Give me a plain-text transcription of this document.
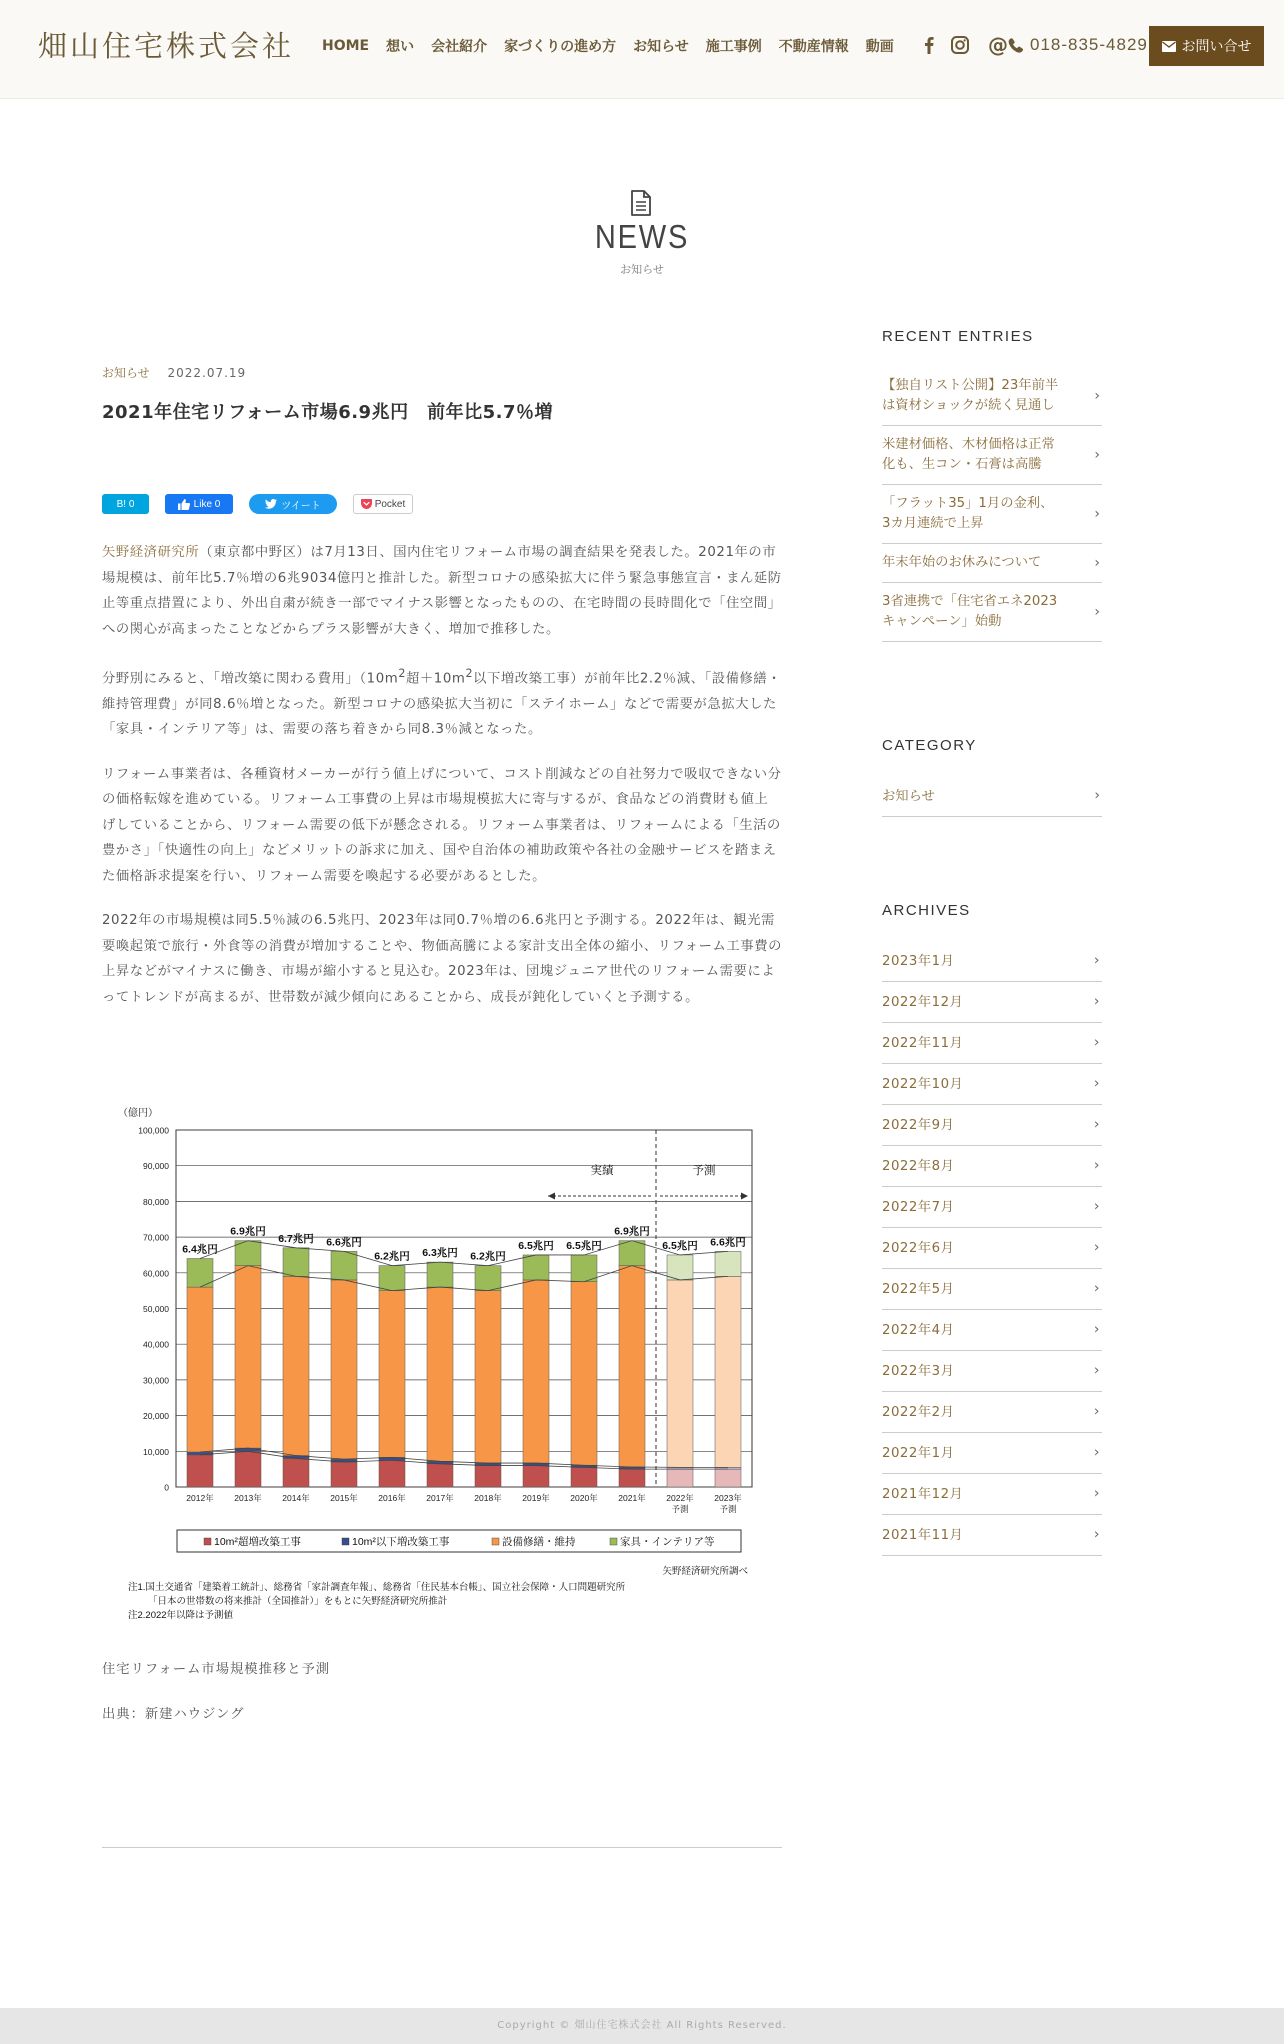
畑山住宅株式会社 HOME 想い 会社紹介 家づくりの進め方 お知らせ 施工事例 不動産情報 動画	@ 018-835-4829 お問い合せ
NEWS
お知らせ
お知らせ 2022.07.19
2021年住宅リフォーム市場6.9兆円　前年比5.7％増
B! 0	Like 0	ツイート	Pocket

矢野経済研究所（東京都中野区）は7月13日、国内住宅リフォーム市場の調査結果を発表した。2021年の市場規模は、前年比5.7％増の6兆9034億円と推計した。新型コロナの感染拡大に伴う緊急事態宣言・まん延防止等重点措置により、外出自粛が続き一部でマイナス影響となったものの、在宅時間の長時間化で「住空間」への関心が高まったことなどからプラス影響が大きく、増加で推移した。

分野別にみると、「増改築に関わる費用」（$10m^2$超$+10m^2$以下増改築工事）が前年比2.2％減、「設備修繕・維持管理費」が同8.6％増となった。新型コロナの感染拡大当初に「ステイホーム」などで需要が急拡大した「家具・インテリア等」は、需要の落ち着きから同8.3％減となった。

リフォーム事業者は、各種資材メーカーが行う値上げについて、コスト削減などの自社努力で吸収できない分の価格転嫁を進めている。リフォーム工事費の上昇は市場規模拡大に寄与するが、食品などの消費財も値上げしていることから、リフォーム需要の低下が懸念される。リフォーム事業者は、リフォームによる「生活の豊かさ」「快適性の向上」などメリットの訴求に加え、国や自治体の補助政策や各社の金融サービスを踏まえた価格訴求提案を行い、リフォーム需要を喚起する必要があるとした。

2022年の市場規模は同5.5％減の6.5兆円、2023年は同0.7％増の6.6兆円と予測する。2022年は、観光需要喚起策で旅行・外食等の消費が増加することや、物価高騰による家計支出全体の縮小、リフォーム工事費の上昇などがマイナスに働き、市場が縮小すると見込む。2023年は、団塊ジュニア世代のリフォーム需要によってトレンドが高まるが、世帯数が減少傾向にあることから、成長が鈍化していくと予測する。

（億円）
0
10,000
20,000
30,000
40,000
50,000
60,000
70,000
80,000
90,000
100,000
6.4兆円
2012年
6.9兆円
2013年
6.7兆円
2014年
6.6兆円
2015年
6.2兆円
2016年
6.3兆円
2017年
6.2兆円
2018年
6.5兆円
2019年
6.5兆円
2020年
6.9兆円
2021年
6.5兆円
2022年
予測
6.6兆円
2023年
予測
実績	予測
10m²超増改築工事	10m²以下増改築工事	設備修繕・維持	家具・インテリア等
矢野経済研究所調べ
注1.国土交通省「建築着工統計」、総務省「家計調査年報」、総務省「住民基本台帳」、国立社会保障・人口問題研究所
「日本の世帯数の将来推計（全国推計）」をもとに矢野経済研究所推計
注2.2022年以降は予測値
住宅リフォーム市場規模推移と予測
出典：新建ハウジング
RECENT ENTRIES
【独自リスト公開】23年前半
は資材ショックが続く見通し
›
米建材価格、木材価格は正常
化も、生コン・石膏は高騰
›
「フラット35」1月の金利、
3カ月連続で上昇
›
年末年始のお休みについて
›
3省連携で「住宅省エネ2023
キャンペーン」始動
›
CATEGORY
お知らせ ›
ARCHIVES
2023年1月 ›
2022年12月 ›
2022年11月 ›
2022年10月 ›
2022年9月 ›
2022年8月 ›
2022年7月 ›
2022年6月 ›
2022年5月 ›
2022年4月 ›
2022年3月 ›
2022年2月 ›
2022年1月 ›
2021年12月 ›
2021年11月 ›
Copyright © 畑山住宅株式会社 All Rights Reserved.
